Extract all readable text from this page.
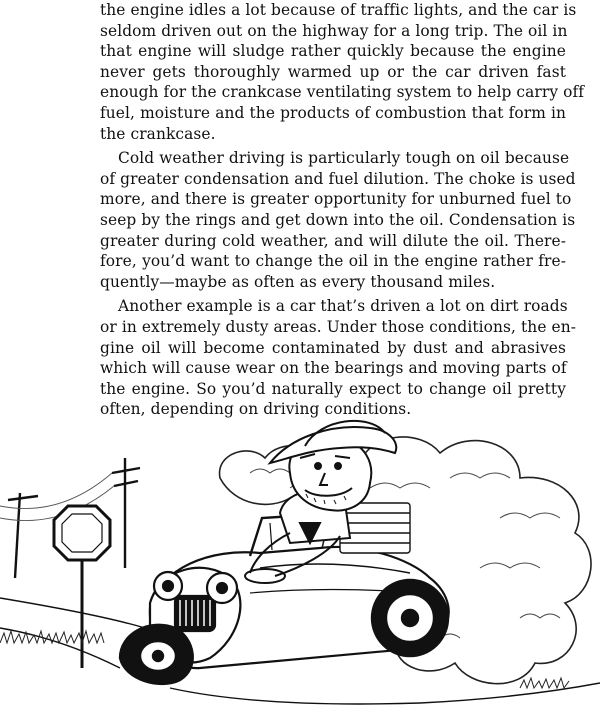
the engine idles a lot because of traffic lights, and the car is
seldom driven out on the highway for a long trip. The oil in
that engine will sludge rather quickly because the engine
never gets thoroughly warmed up or the car driven fast
enough for the crankcase ventilating system to help carry off
fuel, moisture and the products of combustion that form in
the crankcase.

Cold weather driving is particularly tough on oil because
of greater condensation and fuel dilution. The choke is used
more, and there is greater opportunity for unburned fuel to
seep by the rings and get down into the oil. Condensation is
greater during cold weather, and will dilute the oil. There-
fore, you’d want to change the oil in the engine rather fre-
quently—maybe as often as every thousand miles.

Another example is a car that’s driven a lot on dirt roads
or in extremely dusty areas. Under those conditions, the en-
gine oil will become contaminated by dust and abrasives
which will cause wear on the bearings and moving parts of
the engine. So you’d naturally expect to change oil pretty
often, depending on driving conditions.
